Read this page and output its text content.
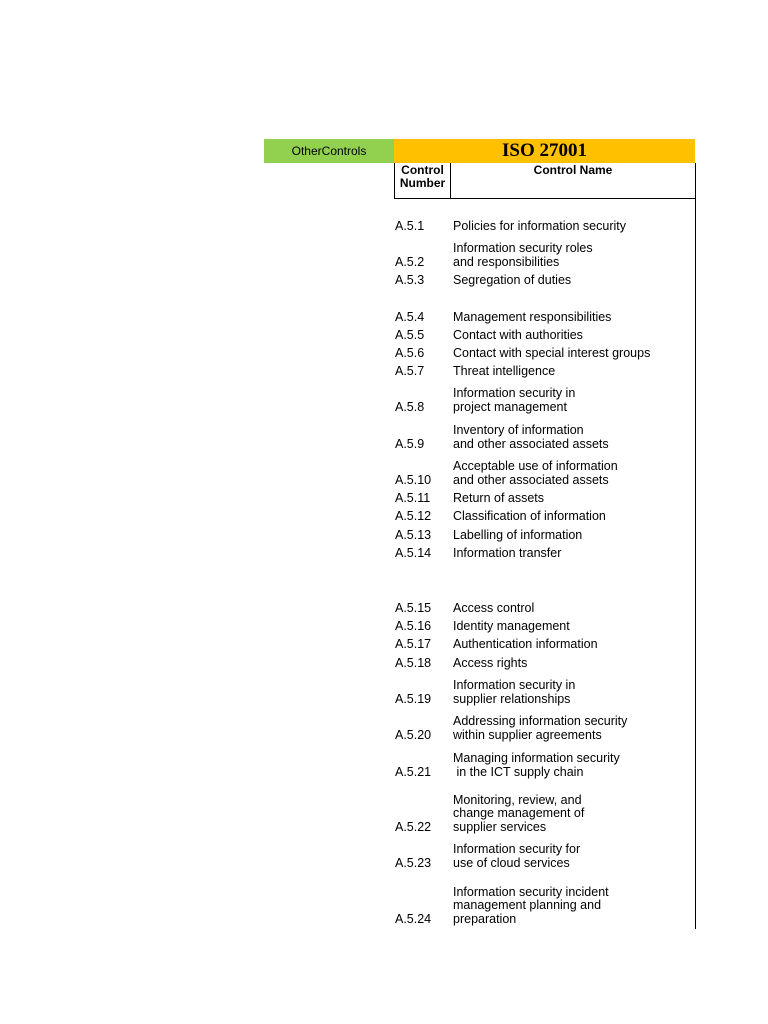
OtherControls	ISO 27001
Control
Number
Control Name
A.5.1 Policies for information security
A.5.2
Information security roles
and responsibilities
A.5.3 Segregation of duties
A.5.4 Management responsibilities
A.5.5 Contact with authorities
A.5.6 Contact with special interest groups
A.5.7 Threat intelligence
A.5.8
Information security in
project management
A.5.9
Inventory of information
and other associated assets
A.5.10
Acceptable use of information
and other associated assets
A.5.11 Return of assets
A.5.12 Classification of information
A.5.13 Labelling of information
A.5.14 Information transfer
A.5.15 Access control
A.5.16 Identity management
A.5.17 Authentication information
A.5.18 Access rights
A.5.19
Information security in
supplier relationships
A.5.20
Addressing information security
within supplier agreements
A.5.21
Managing information security
in the ICT supply chain
A.5.22
Monitoring, review, and
change management of
supplier services
A.5.23
Information security for
use of cloud services
A.5.24
Information security incident
management planning and
preparation
